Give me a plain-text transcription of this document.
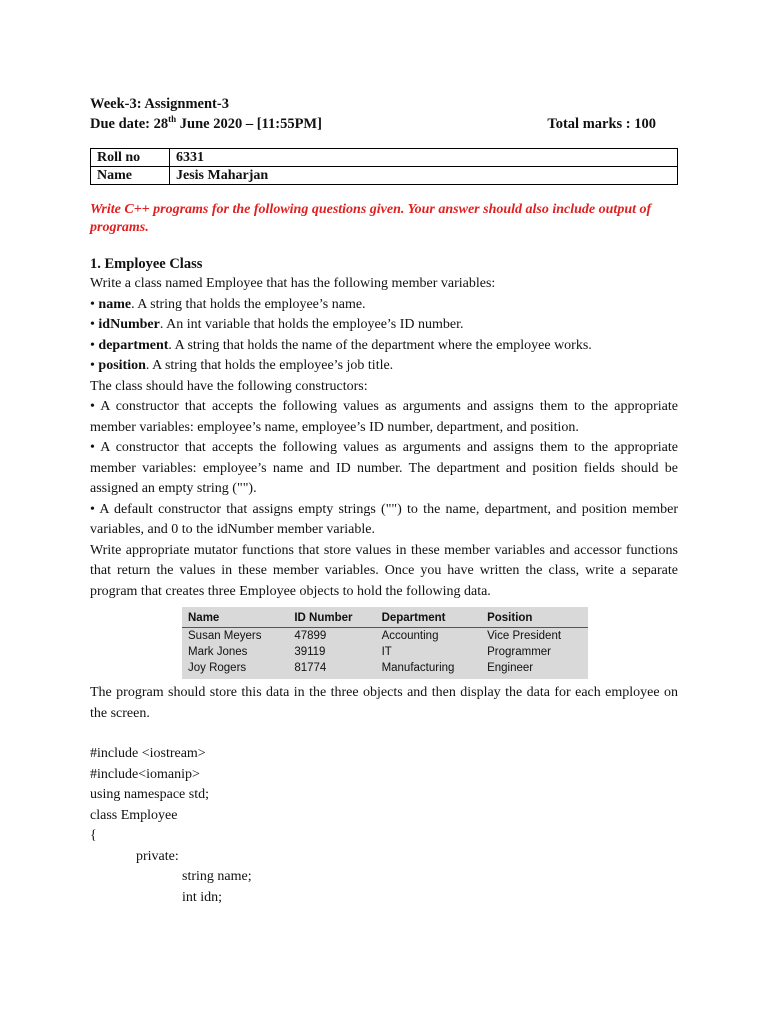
Week-3: Assignment-3
Due date: 28th June 2020 – [11:55PM]	Total marks : 100
Roll no	6331
Name	Jesis Maharjan
Write C++ programs for the following questions given. Your answer should also include output of programs.
1. Employee Class
Write a class named Employee that has the following member variables:
• name. A string that holds the employee’s name.
• idNumber. An int variable that holds the employee’s ID number.
• department. A string that holds the name of the department where the employee works.
• position. A string that holds the employee’s job title.
The class should have the following constructors:
• A constructor that accepts the following values as arguments and assigns them to the appropriate member variables: employee’s name, employee’s ID number, department, and position.
• A constructor that accepts the following values as arguments and assigns them to the appropriate member variables: employee’s name and ID number. The department and position fields should be assigned an empty string ("").
• A default constructor that assigns empty strings ("") to the name, department, and position member variables, and 0 to the idNumber member variable.
Write appropriate mutator functions that store values in these member variables and accessor functions that return the values in these member variables. Once you have written the class, write a separate program that creates three Employee objects to hold the following data.
Name	ID Number	Department	Position
Susan Meyers	47899	Accounting	Vice President
Mark Jones	39119	IT	Programmer
Joy Rogers	81774	Manufacturing	Engineer
The program should store this data in the three objects and then display the data for each employee on the screen.
#include <iostream>
#include<iomanip>
using namespace std;
class Employee
{
private:
string name;
int idn;
